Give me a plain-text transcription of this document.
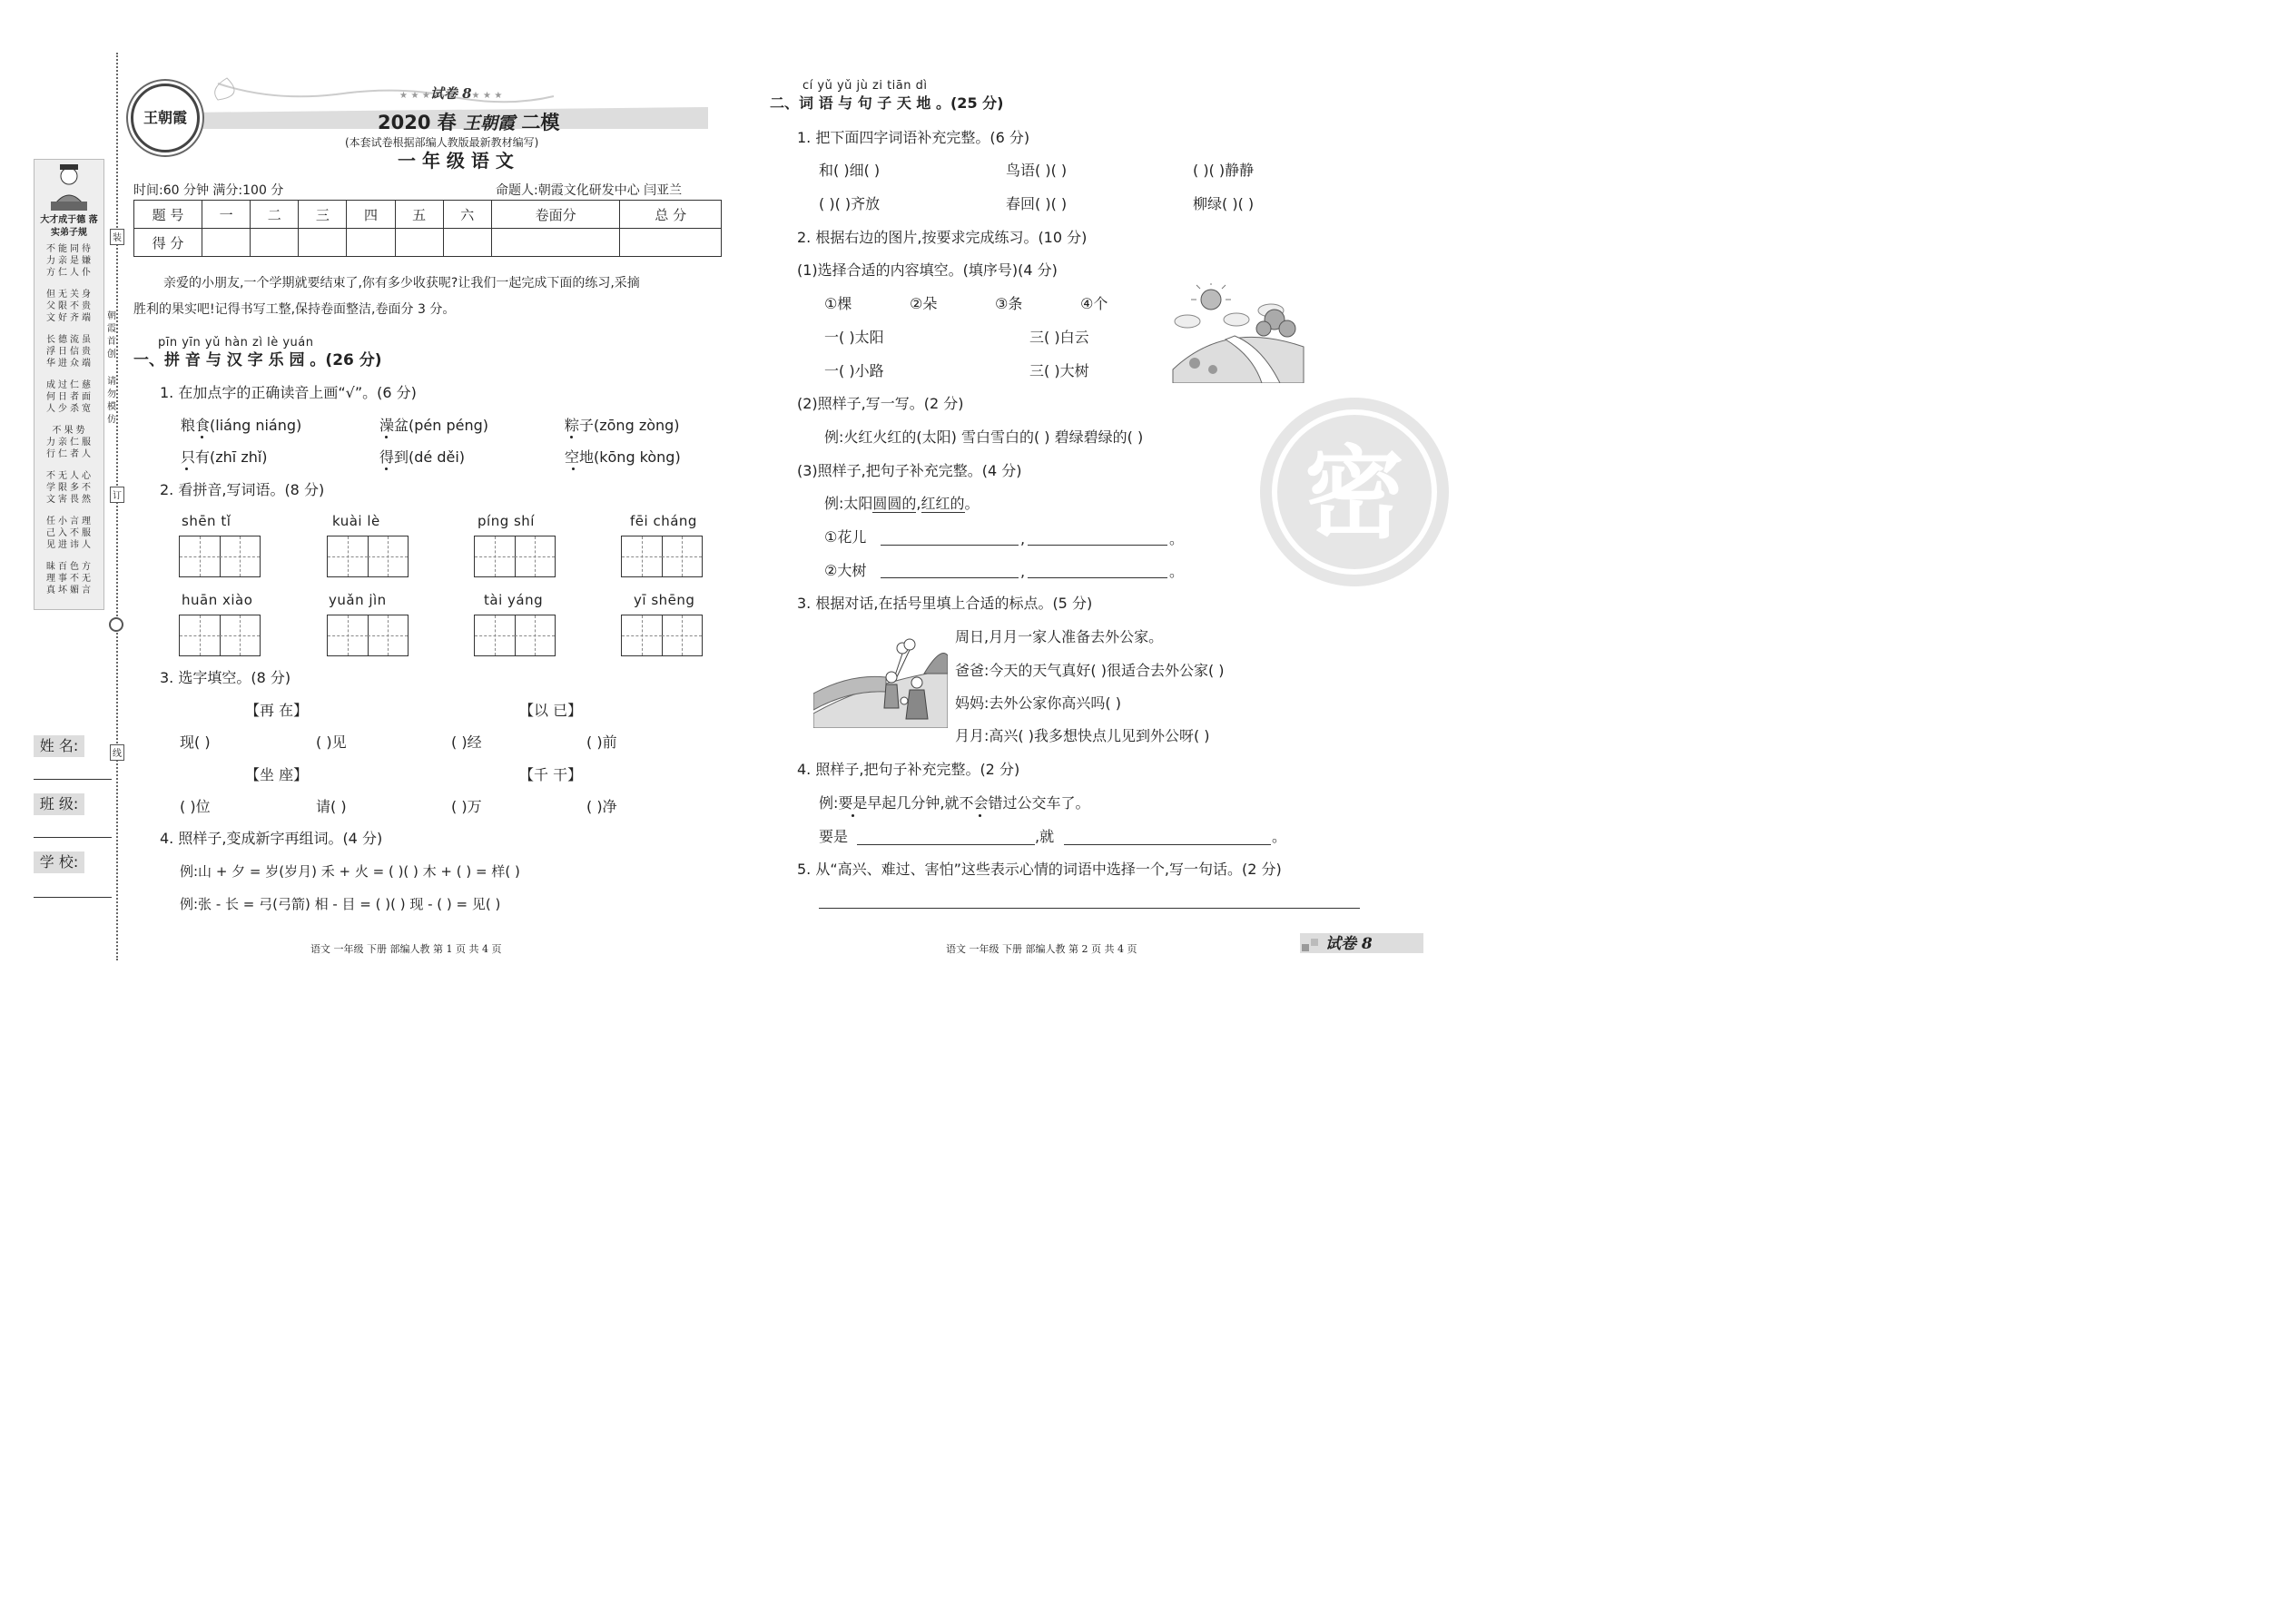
大才成于德 落实弟子规
不能同待
力亲是嫌
方仁人仆
但无关身
父限不贵
文好齐端
长德流虽
浮日信贵
华进众端
成过仁慈
何日者面
人少杀宽
不果势
力亲仁服
行仁者人
不无人心
学限多不
文害畏然
任小言理
己入不服
见进讳人
昧百色方
理事不无
真坏媚言
朝霞首创
请勿模仿
装
订
线
姓 名:
班 级:
学 校:
王朝霞
★ ★ ★试卷 8★ ★ ★
2020 春 王朝霞 二模
(本套试卷根据部编人教版最新教材编写)
一 年 级 语 文
时间:60 分钟 满分:100 分	命题人:朝霞文化研发中心 闫亚兰
题 号	一	二	三	四	五	六	卷面分	总 分
得 分								
亲爱的小朋友,一个学期就要结束了,你有多少收获呢?让我们一起完成下面的练习,采摘
胜利的果实吧!记得书写工整,保持卷面整洁,卷面分 3 分。
pīn yīn yǔ hàn zì lè yuán
一、拼 音 与 汉 字 乐 园 。(26 分)
1. 在加点字的正确读音上画“√”。(6 分)
粮食(liáng niáng)	澡盆(pén péng)	粽子(zōng zòng)
只有(zhī zhǐ)	得到(dé děi)	空地(kōng kòng)
2. 看拼音,写词语。(8 分)
shēn tǐ	kuài lè	píng shí	fēi cháng
huān xiào	yuǎn jìn	tài yáng	yī shēng
3. 选字填空。(8 分)
【再 在】	【以 已】
现( )	( )见	( )经	( )前
【坐 座】	【千 干】
( )位	请( )	( )万	( )净
4. 照样子,变成新字再组词。(4 分)
例:山 + 夕 = 岁(岁月) 禾 + 火 = ( )( ) 木 + ( ) = 样( )
例:张 - 长 = 弓(弓箭) 相 - 目 = ( )( ) 现 - ( ) = 见( )
语文 一年级 下册 部编人教 第 1 页 共 4 页
密
cí yǔ yǔ jù zi tiān dì
二、词 语 与 句 子 天 地 。(25 分)
1. 把下面四字词语补充完整。(6 分)
和( )细( )	鸟语( )( )	( )( )静静
( )( )齐放	春回( )( )	柳绿( )( )
2. 根据右边的图片,按要求完成练习。(10 分)
(1)选择合适的内容填空。(填序号)(4 分)
①棵	②朵	③条	④个
一( )太阳	三( )白云
一( )小路	三( )大树
(2)照样子,写一写。(2 分)
例:火红火红的(太阳) 雪白雪白的( ) 碧绿碧绿的( )
(3)照样子,把句子补充完整。(4 分)
例:太阳圆圆的,红红的。
①花儿	,	。
②大树	,	。
3. 根据对话,在括号里填上合适的标点。(5 分)
周日,月月一家人准备去外公家。
爸爸:今天的天气真好( )很适合去外公家( )
妈妈:去外公家你高兴吗( )
月月:高兴( )我多想快点儿见到外公呀( )
4. 照样子,把句子补充完整。(2 分)
例:要是早起几分钟,就不会错过公交车了。
要是	,就	。
5. 从“高兴、难过、害怕”这些表示心情的词语中选择一个,写一句话。(2 分)
语文 一年级 下册 部编人教 第 2 页 共 4 页	试卷 8
